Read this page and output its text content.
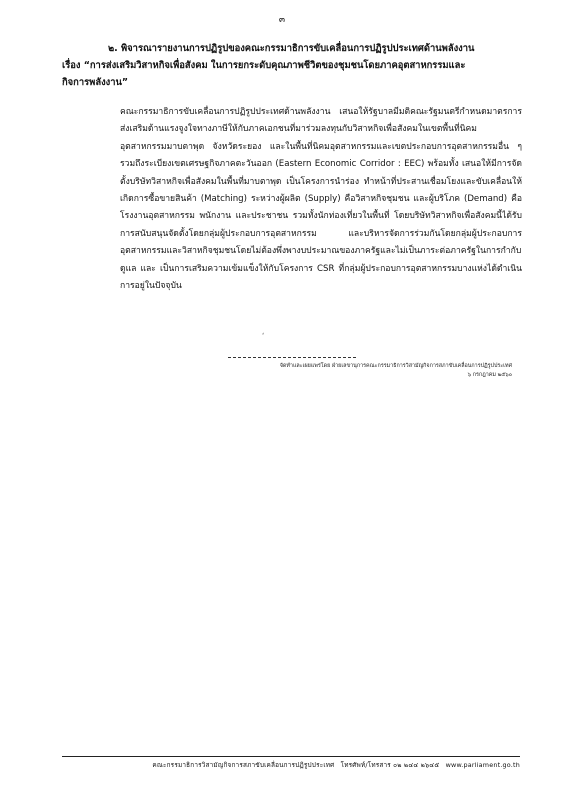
๓
๒. พิจารณารายงานการปฏิรูปของคณะกรรมาธิการขับเคลื่อนการปฏิรูปประเทศด้านพลังงาน
เรื่อง “การส่งเสริมวิสาหกิจเพื่อสังคม ในการยกระดับคุณภาพชีวิตของชุมชนโดยภาคอุตสาหกรรมและ
กิจการพลังงาน”
คณะกรรมาธิการขับเคลื่อนการปฏิรูปประเทศด้านพลังงาน เสนอให้รัฐบาลมีมติคณะรัฐมนตรีกำหนดมาตรการส่งเสริมด้านแรงจูงใจทางภาษีให้กับภาคเอกชนที่มาร่วมลงทุนกับวิสาหกิจเพื่อสังคมในเขตพื้นที่นิคมอุตสาหกรรมมาบตาพุด จังหวัดระยอง และในพื้นที่นิคมอุตสาหกรรมและเขตประกอบการอุตสาหกรรมอื่น ๆ รวมถึงระเบียงเขตเศรษฐกิจภาคตะวันออก (Eastern Economic Corridor : EEC) พร้อมทั้ง เสนอให้มีการจัดตั้งบริษัทวิสาหกิจเพื่อสังคมในพื้นที่มาบตาพุด เป็นโครงการนำร่อง ทำหน้าที่ประสานเชื่อมโยงและขับเคลื่อนให้เกิดการซื้อขายสินค้า (Matching) ระหว่างผู้ผลิต (Supply) คือวิสาหกิจชุมชน และผู้บริโภค (Demand) คือโรงงานอุตสาหกรรม พนักงาน และประชาชน รวมทั้งนักท่องเที่ยวในพื้นที่ โดยบริษัทวิสาหกิจเพื่อสังคมนี้ได้รับการสนับสนุนจัดตั้งโดยกลุ่มผู้ประกอบการอุตสาหกรรม และบริหารจัดการร่วมกันโดยกลุ่มผู้ประกอบการอุตสาหกรรมและวิสาหกิจชุมชนโดยไม่ต้องพึ่งพางบประมาณของภาครัฐและไม่เป็นภาระต่อภาครัฐในการกำกับดูแล และ เป็นการเสริมความเข้มแข็งให้กับโครงการ CSR ที่กลุ่มผู้ประกอบการอุตสาหกรรมบางแห่งได้ดำเนินการอยู่ในปัจจุบัน
ʻ
จัดทำและเผยแพร่โดย ฝ่ายเลขานุการคณะกรรมาธิการวิสามัญกิจการสภาขับเคลื่อนการปฏิรูปประเทศ
๖ กรกฎาคม ๒๕๖๐
คณะกรรมาธิการวิสามัญกิจการสภาขับเคลื่อนการปฏิรูปประเทศ โทรศัพท์/โทรสาร ๐๒ ๒๔๔ ๒๖๔๕ www.parliament.go.th
